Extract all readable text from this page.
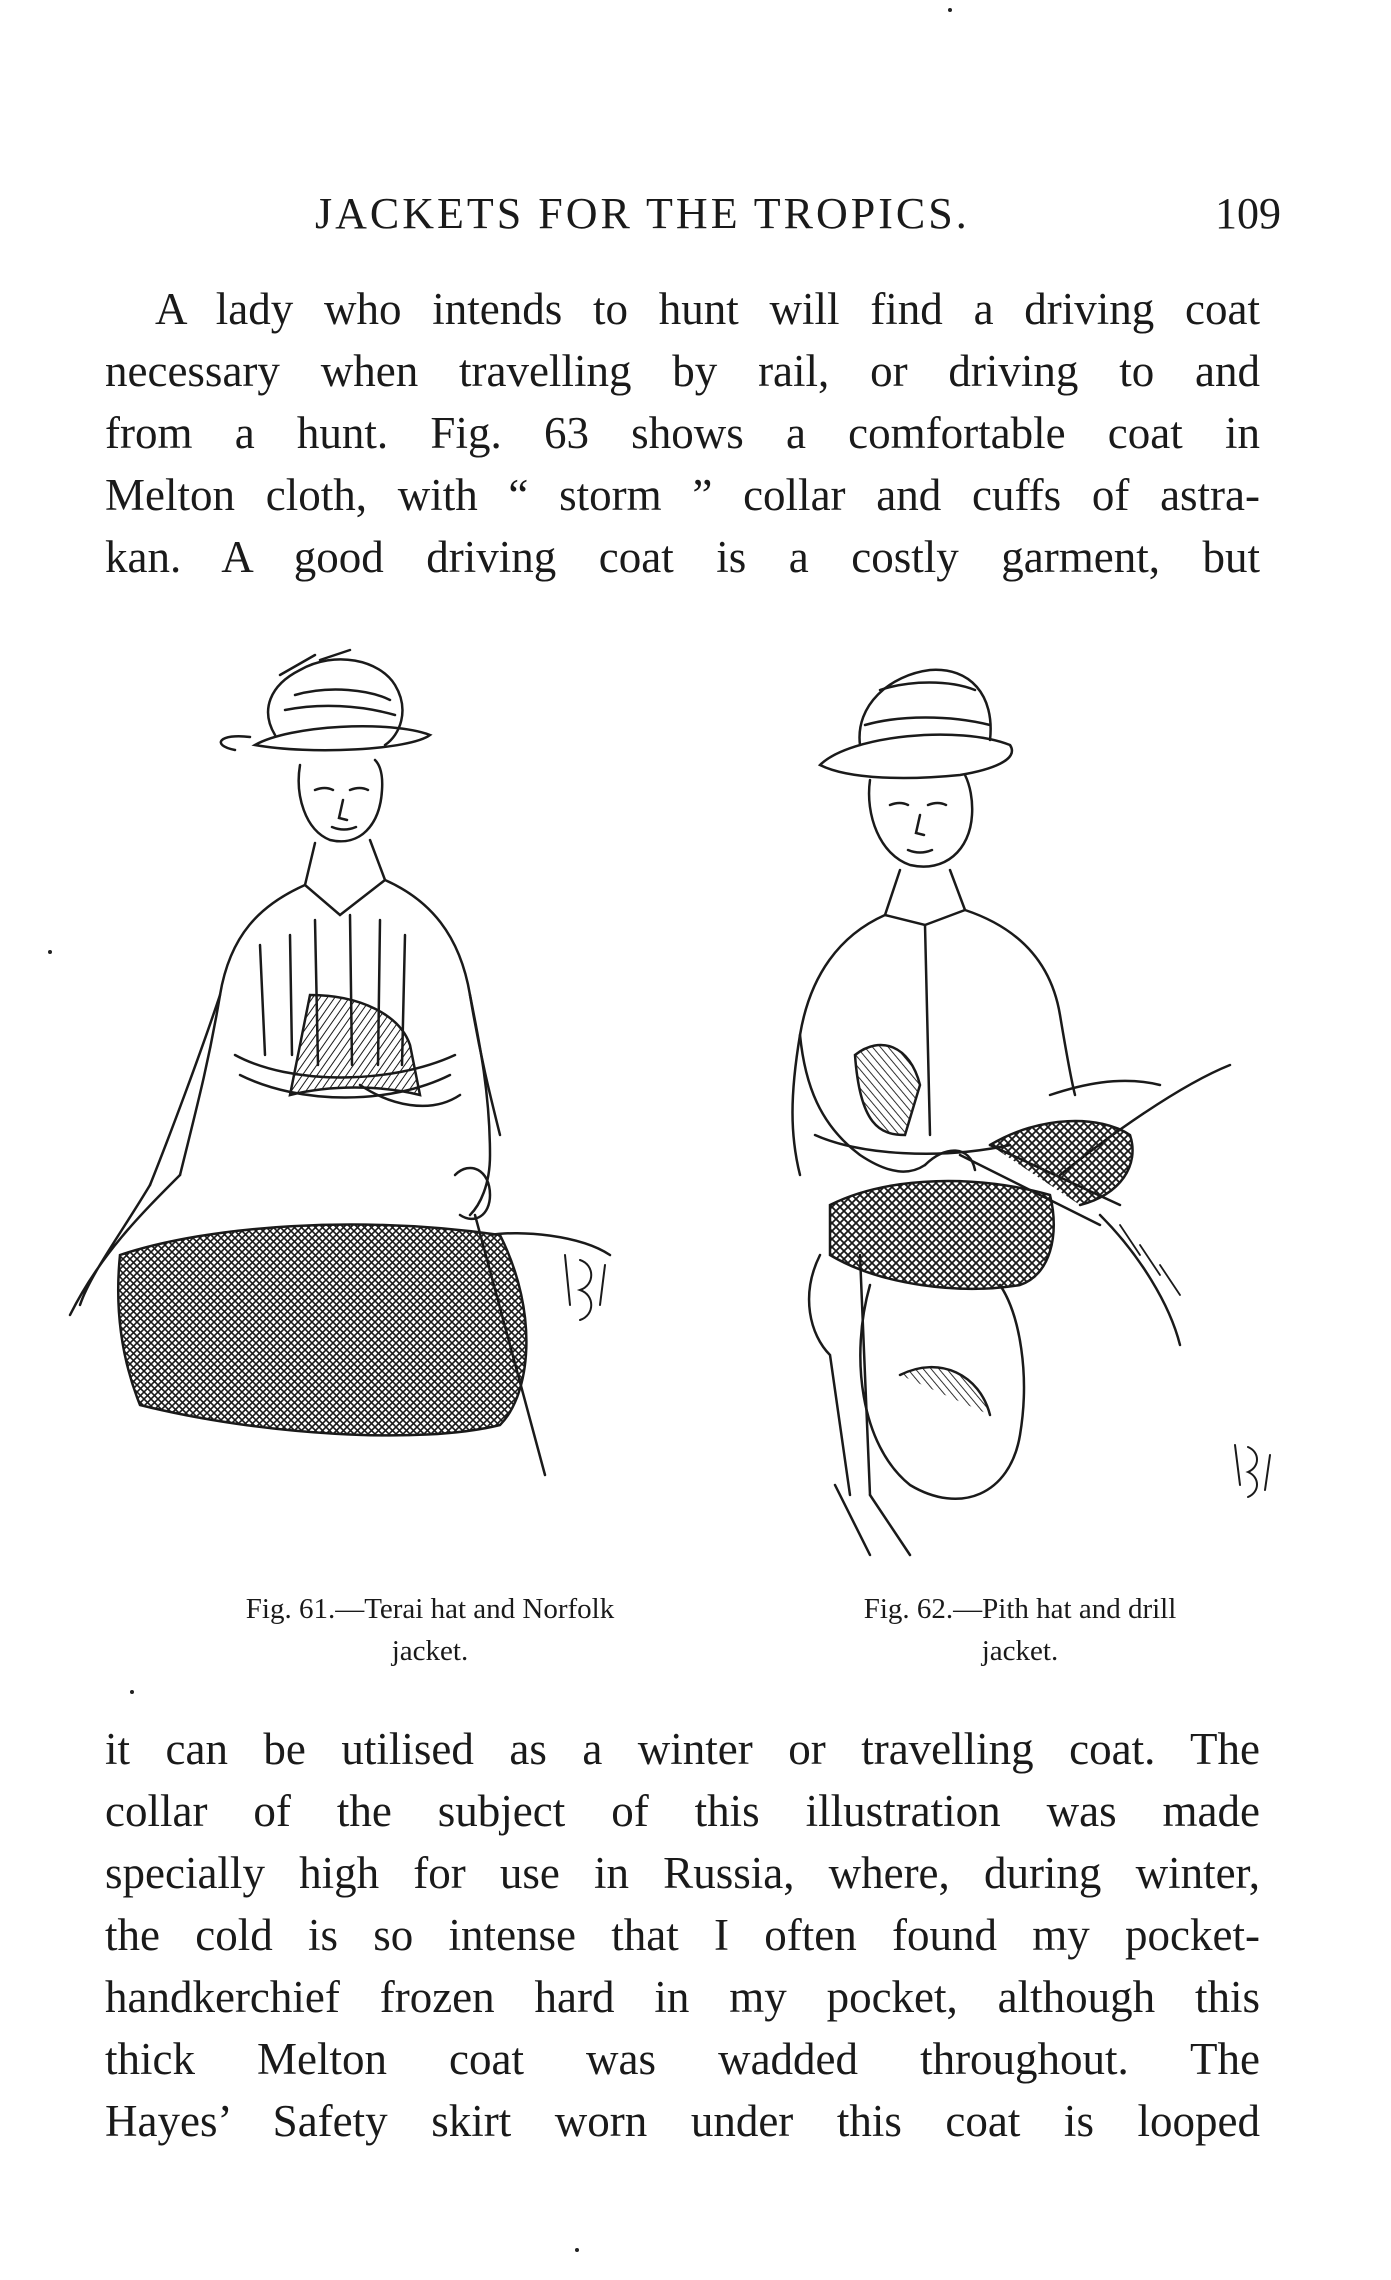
JACKETS FOR THE TROPICS.	109

A lady who intends to hunt will find a driving coat
necessary when travelling by rail, or driving to and
from a hunt. Fig. 63 shows a comfortable coat in
Melton cloth, with “ storm ” collar and cuffs of astra-
kan. A good driving coat is a costly garment, but

Fig. 61.—Terai hat and Norfolk
jacket.
Fig. 62.—Pith hat and drill
jacket.

it can be utilised as a winter or travelling coat. The
collar of the subject of this illustration was made
specially high for use in Russia, where, during winter,
the cold is so intense that I often found my pocket-
handkerchief frozen hard in my pocket, although this
thick Melton coat was wadded throughout. The
Hayes’ Safety skirt worn under this coat is looped
